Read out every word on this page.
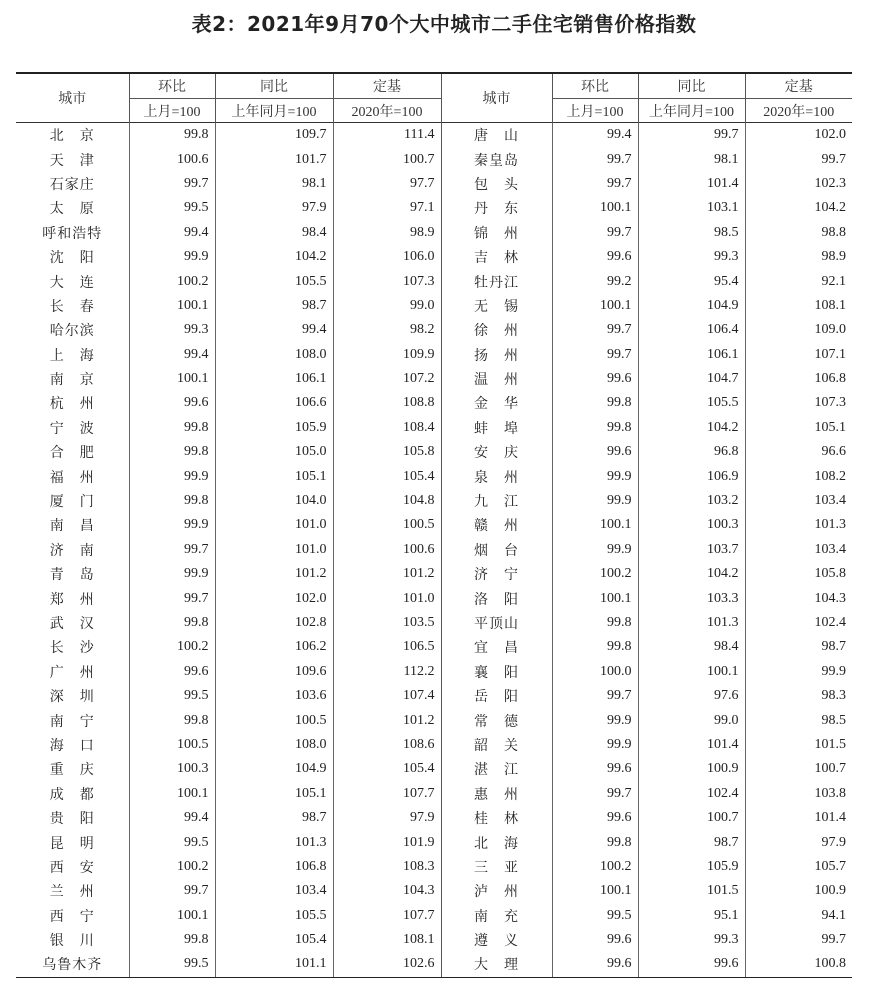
表2：2021年9月70个大中城市二手住宅销售价格指数
城市	环比	同比	定基	城市	环比	同比	定基
	上月=100	上年同月=100	2020年=100		上月=100	上年同月=100	2020年=100
北　京	99.8	109.7	111.4	唐　山	99.4	99.7	102.0
天　津	100.6	101.7	100.7	秦皇岛	99.7	98.1	99.7
石家庄	99.7	98.1	97.7	包　头	99.7	101.4	102.3
太　原	99.5	97.9	97.1	丹　东	100.1	103.1	104.2
呼和浩特	99.4	98.4	98.9	锦　州	99.7	98.5	98.8
沈　阳	99.9	104.2	106.0	吉　林	99.6	99.3	98.9
大　连	100.2	105.5	107.3	牡丹江	99.2	95.4	92.1
长　春	100.1	98.7	99.0	无　锡	100.1	104.9	108.1
哈尔滨	99.3	99.4	98.2	徐　州	99.7	106.4	109.0
上　海	99.4	108.0	109.9	扬　州	99.7	106.1	107.1
南　京	100.1	106.1	107.2	温　州	99.6	104.7	106.8
杭　州	99.6	106.6	108.8	金　华	99.8	105.5	107.3
宁　波	99.8	105.9	108.4	蚌　埠	99.8	104.2	105.1
合　肥	99.8	105.0	105.8	安　庆	99.6	96.8	96.6
福　州	99.9	105.1	105.4	泉　州	99.9	106.9	108.2
厦　门	99.8	104.0	104.8	九　江	99.9	103.2	103.4
南　昌	99.9	101.0	100.5	赣　州	100.1	100.3	101.3
济　南	99.7	101.0	100.6	烟　台	99.9	103.7	103.4
青　岛	99.9	101.2	101.2	济　宁	100.2	104.2	105.8
郑　州	99.7	102.0	101.0	洛　阳	100.1	103.3	104.3
武　汉	99.8	102.8	103.5	平顶山	99.8	101.3	102.4
长　沙	100.2	106.2	106.5	宜　昌	99.8	98.4	98.7
广　州	99.6	109.6	112.2	襄　阳	100.0	100.1	99.9
深　圳	99.5	103.6	107.4	岳　阳	99.7	97.6	98.3
南　宁	99.8	100.5	101.2	常　德	99.9	99.0	98.5
海　口	100.5	108.0	108.6	韶　关	99.9	101.4	101.5
重　庆	100.3	104.9	105.4	湛　江	99.6	100.9	100.7
成　都	100.1	105.1	107.7	惠　州	99.7	102.4	103.8
贵　阳	99.4	98.7	97.9	桂　林	99.6	100.7	101.4
昆　明	99.5	101.3	101.9	北　海	99.8	98.7	97.9
西　安	100.2	106.8	108.3	三　亚	100.2	105.9	105.7
兰　州	99.7	103.4	104.3	泸　州	100.1	101.5	100.9
西　宁	100.1	105.5	107.7	南　充	99.5	95.1	94.1
银　川	99.8	105.4	108.1	遵　义	99.6	99.3	99.7
乌鲁木齐	99.5	101.1	102.6	大　理	99.6	99.6	100.8
